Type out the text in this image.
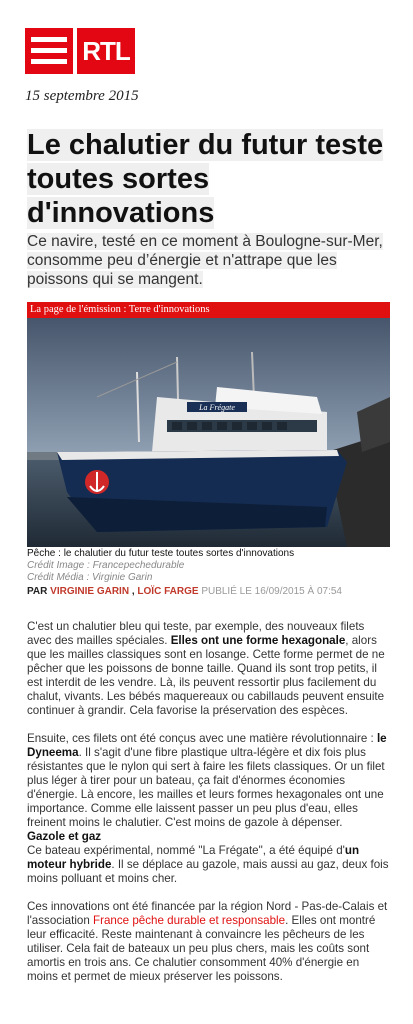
RTL
15 septembre 2015
Le chalutier du futur teste toutes sortes d'innovations

Ce navire, testé en ce moment à Boulogne-sur-Mer, consomme peu d’énergie et n'attrape que les poissons qui se mangent.

La Frégate
La page de l'émission : Terre d'innovations
Pêche : le chalutier du futur teste toutes sortes d'innovations
Crédit Image : Francepechedurable
Crédit Média : Virginie Garin
PAR VIRGINIE GARIN , LOÏC FARGE PUBLIÉ LE 16/09/2015 À 07:54

C'est un chalutier bleu qui teste, par exemple, des nouveaux filets avec des mailles spéciales. Elles ont une forme hexagonale, alors que les mailles classiques sont en losange. Cette forme permet de ne pêcher que les poissons de bonne taille. Quand ils sont trop petits, il est interdit de les vendre. Là, ils peuvent ressortir plus facilement du chalut, vivants. Les bébés maquereaux ou cabillauds peuvent ensuite continuer à grandir. Cela favorise la préservation des espèces.

Ensuite, ces filets ont été conçus avec une matière révolutionnaire : le Dyneema. Il s'agit d'une fibre plastique ultra-légère et dix fois plus résistantes que le nylon qui sert à faire les filets classiques. Or un filet plus léger à tirer pour un bateau, ça fait d'énormes économies d'énergie. Là encore, les mailles et leurs formes hexagonales ont une importance. Comme elle laissent passer un peu plus d'eau, elles freinent moins le chalutier. C'est moins de gazole à dépenser.

Gazole et gaz
Ce bateau expérimental, nommé "La Frégate", a été équipé d'un moteur hybride. Il se déplace au gazole, mais aussi au gaz, deux fois moins polluant et moins cher.

Ces innovations ont été financée par la région Nord - Pas-de-Calais et l'association France pêche durable et responsable. Elles ont montré leur efficacité. Reste maintenant à convaincre les pêcheurs de les utiliser. Cela fait de bateaux un peu plus chers, mais les coûts sont amortis en trois ans. Ce chalutier consomment 40% d'énergie en moins et permet de mieux préserver les poissons.
